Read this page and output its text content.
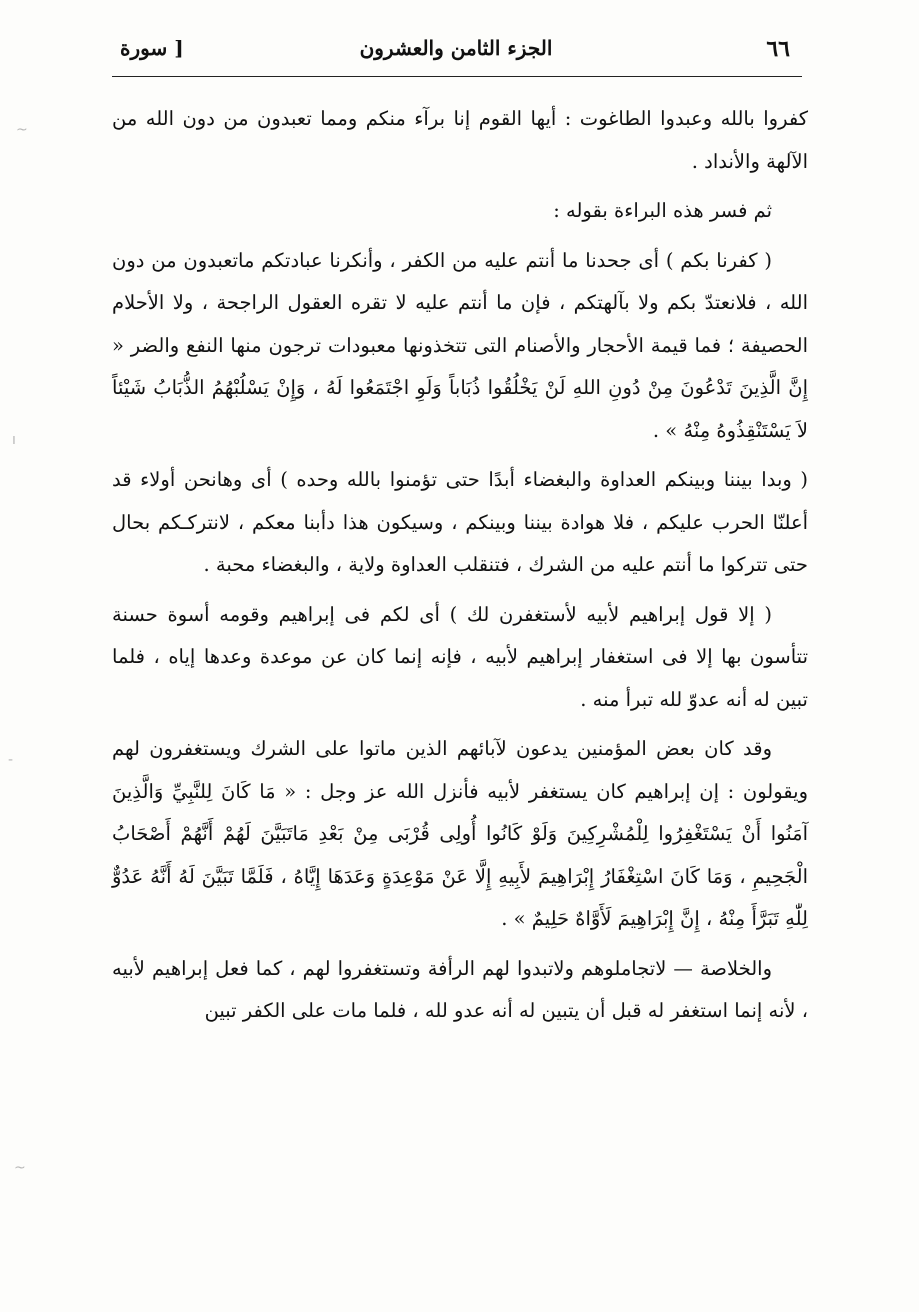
٦٦
الجزء الثامن والعشرون
[ سورة

كفروا بالله وعبدوا الطاغوت : أيها القوم إنا برآء منكم ومما تعبدون من دون الله من الآلهة والأنداد .

ثم فسر هذه البراءة بقوله :

( كفرنا بكم ) أى جحدنا ما أنتم عليه من الكفر ، وأنكرنا عبادتكم ماتعبدون من دون الله ، فلانعتدّ بكم ولا بآلهتكم ، فإن ما أنتم عليه لا تقره العقول الراجحة ، ولا الأحلام الحصيفة ؛ فما قيمة الأحجار والأصنام التى تتخذونها معبودات ترجون منها النفع والضر « إِنَّ الَّذِينَ تَدْعُونَ مِنْ دُونِ اللهِ لَنْ يَخْلُقُوا ذُبَاباً وَلَوِ اجْتَمَعُوا لَهُ ، وَإِنْ يَسْلُبْهُمُ الذُّبَابُ شَيْئاً لاَ يَسْتَنْقِذُوهُ مِنْهُ » .

( وبدا بيننا وبينكم العداوة والبغضاء أبدًا حتى تؤمنوا بالله وحده ) أى وهانحن أولاء قد أعلنّا الحرب عليكم ، فلا هوادة بيننا وبينكم ، وسيكون هذا دأبنا معكم ، لانتركـكم بحال حتى تتركوا ما أنتم عليه من الشرك ، فتنقلب العداوة ولاية ، والبغضاء محبة .

( إلا قول إبراهيم لأبيه لأستغفرن لك ) أى لكم فى إبراهيم وقومه أسوة حسنة تتأسون بها إلا فى استغفار إبراهيم لأبيه ، فإنه إنما كان عن موعدة وعدها إياه ، فلما تبين له أنه عدوّ لله تبرأ منه .

وقد كان بعض المؤمنين يدعون لآبائهم الذين ماتوا على الشرك ويستغفرون لهم ويقولون : إن إبراهيم كان يستغفر لأبيه فأنزل الله عز وجل : « مَا كَانَ لِلنَّبِيِّ وَالَّذِينَ آمَنُوا أَنْ يَسْتَغْفِرُوا لِلْمُشْرِكِينَ وَلَوْ كَانُوا أُولِى قُرْبَى مِنْ بَعْدِ مَاتَبَيَّنَ لَهُمْ أَنَّهُمْ أَصْحَابُ الْجَحِيمِ ، وَمَا كَانَ اسْتِغْفَارُ إِبْرَاهِيمَ لأَبِيهِ إِلَّا عَنْ مَوْعِدَةٍ وَعَدَهَا إِيَّاهُ ، فَلَمَّا تَبَيَّنَ لَهُ أَنَّهُ عَدُوٌّ لِلّٰهِ تَبَرَّأَ مِنْهُ ، إِنَّ إِبْرَاهِيمَ لَأَوَّاهٌ حَلِيمٌ » .

والخلاصة — لاتجاملوهم ولاتبدوا لهم الرأفة وتستغفروا لهم ، كما فعل إبراهيم لأبيه ، لأنه إنما استغفر له قبل أن يتبين له أنه عدو لله ، فلما مات على الكفر تبين

~
ı
-
~
